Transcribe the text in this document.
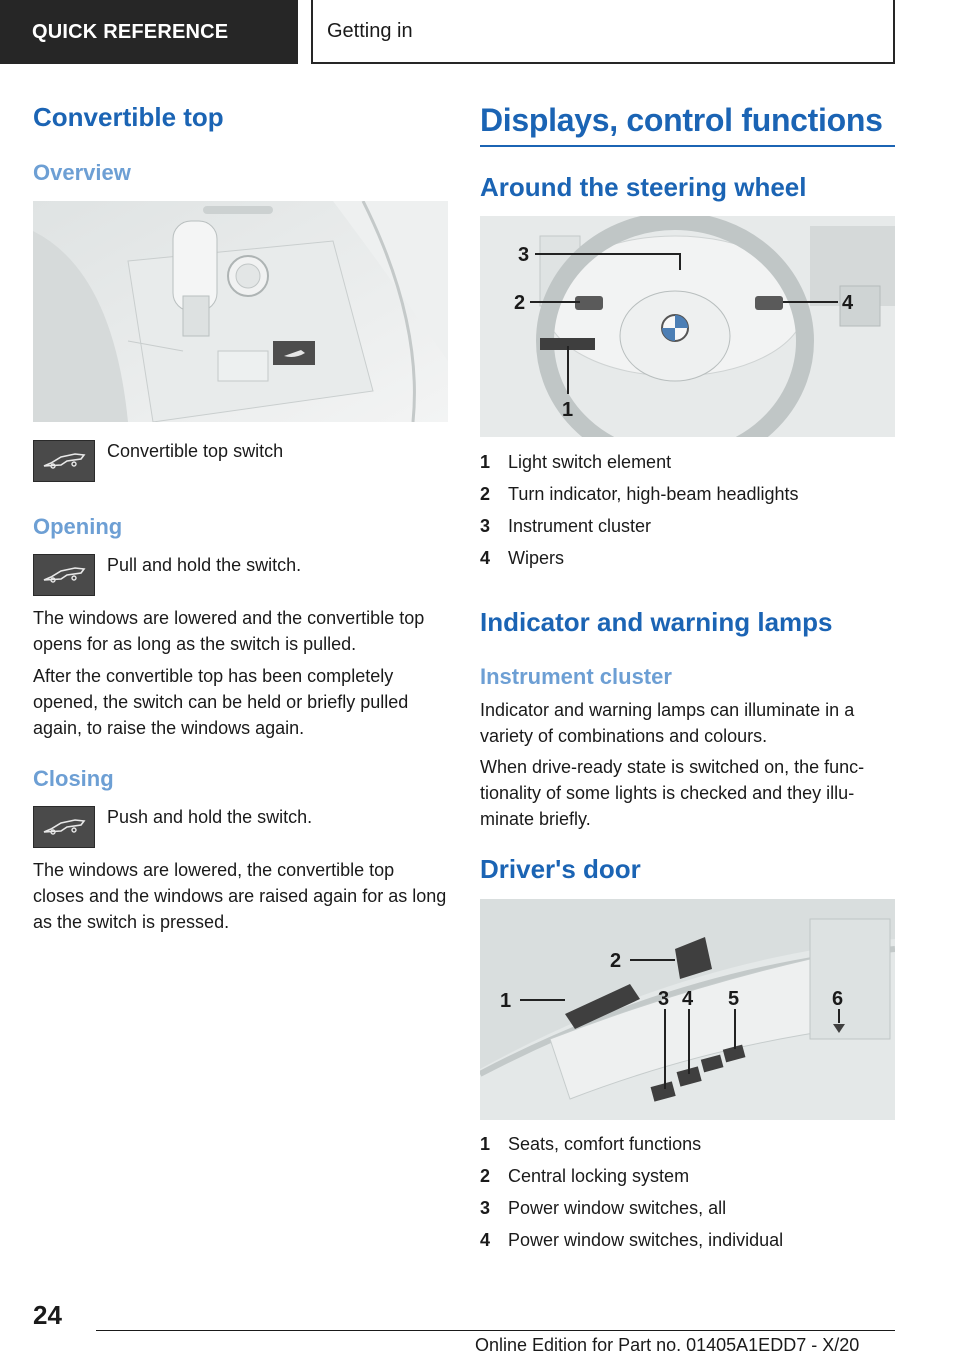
QUICK REFERENCE	Getting in
Convertible top
Overview

Convertible top switch

Opening

Pull and hold the switch.

The windows are lowered and the convertible top opens for as long as the switch is pulled.

After the convertible top has been completely opened, the switch can be held or briefly pulled again, to raise the windows again.

Closing

Push and hold the switch.

The windows are lowered, the convertible top closes and the windows are raised again for as long as the switch is pressed.

Displays, control functions
Around the steering wheel
3
2	4
1
1 Light switch element
2 Turn indicator, high-beam headlights
3 Instrument cluster
4 Wipers
Indicator and warning lamps
Instrument cluster

Indicator and warning lamps can illuminate in a variety of combinations and colours.

When drive-ready state is switched on, the func-tionality of some lights is checked and they illu-minate briefly.

Driver's door
1
2
3 4 5	6
1 Seats, comfort functions
2 Central locking system
3 Power window switches, all
4 Power window switches, individual
24
Online Edition for Part no. 01405A1EDD7 - X/20
